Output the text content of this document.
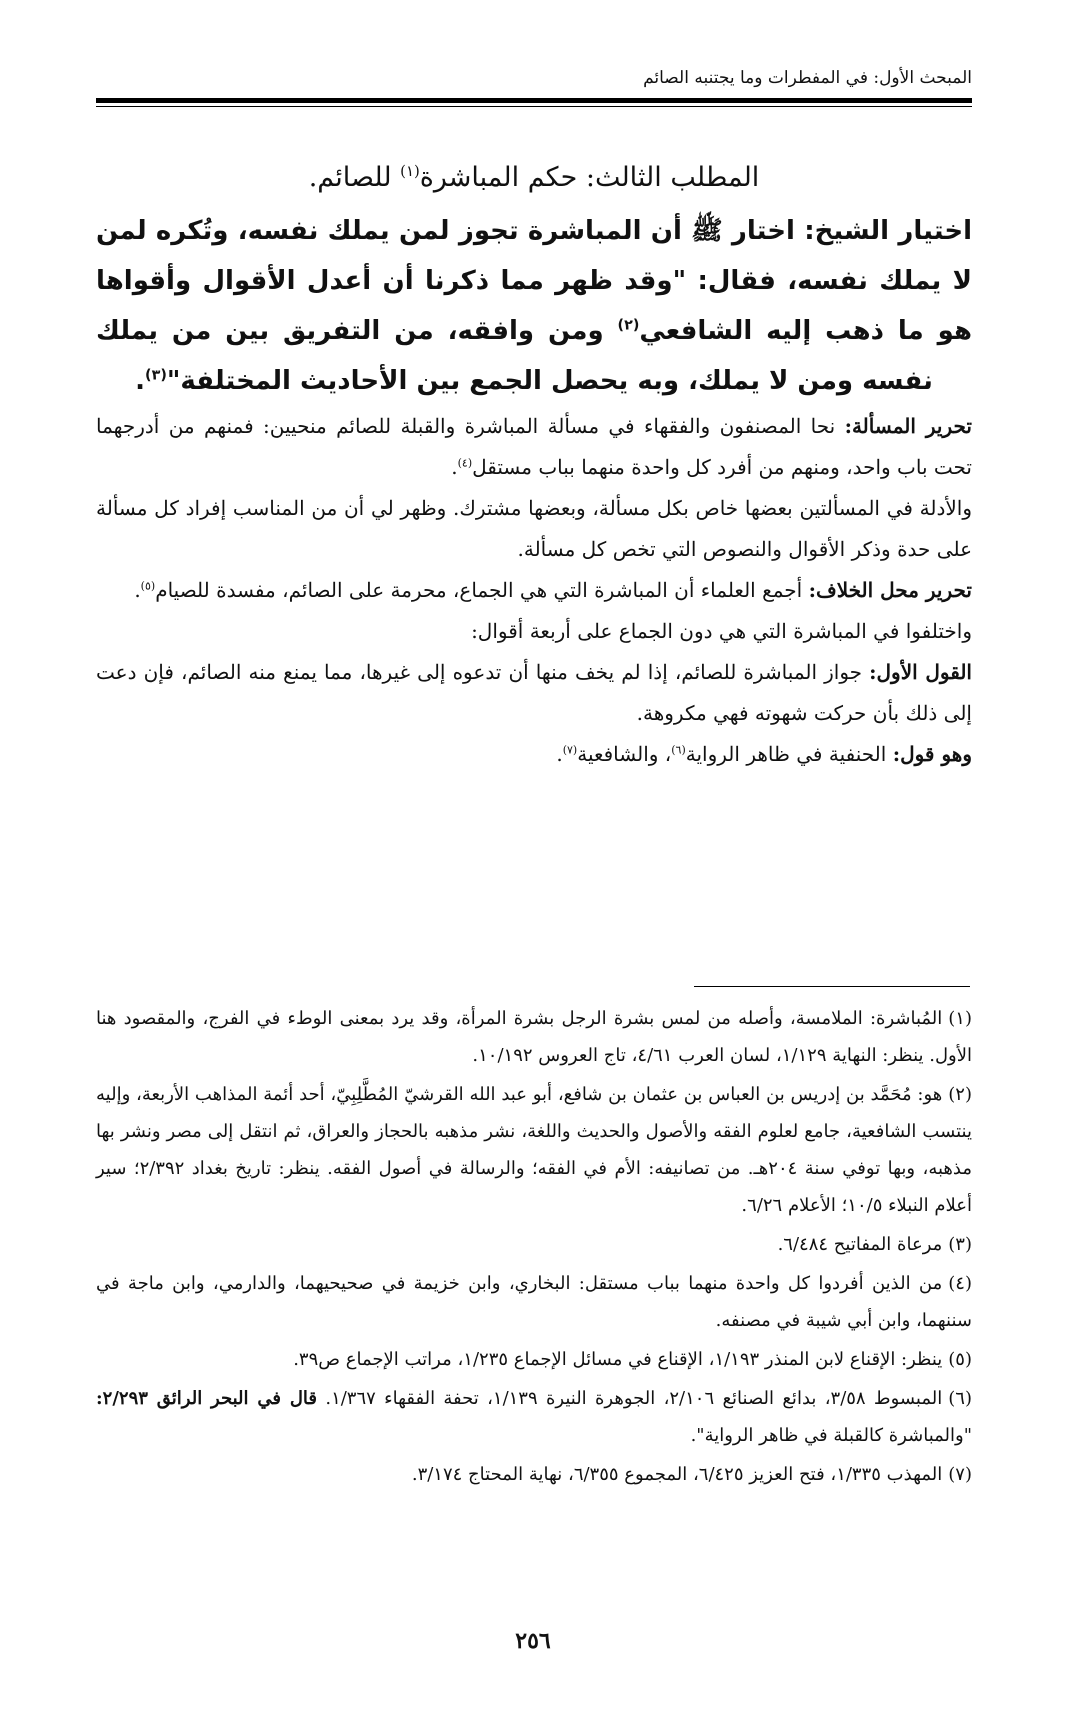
المبحث الأول: في المفطرات وما يجتنبه الصائم

المطلب الثالث: حكم المباشرة$^{(١)}$ للصائم.

اختيار الشيخ: اختار ﷺ أن المباشرة تجوز لمن يملك نفسه، وتُكره لمن لا يملك نفسه، فقال: "وقد ظهر مما ذكرنا أن أعدل الأقوال وأقواها هو ما ذهب إليه الشافعي$^{(٢)}$ ومن وافقه، من التفريق بين من يملك نفسه ومن لا يملك، وبه يحصل الجمع بين الأحاديث المختلفة"$^{(٣)}$.

تحرير المسألة: نحا المصنفون والفقهاء في مسألة المباشرة والقبلة للصائم منحيين: فمنهم من أدرجهما تحت باب واحد، ومنهم من أفرد كل واحدة منهما بباب مستقل$^{(٤)}$.

والأدلة في المسألتين بعضها خاص بكل مسألة، وبعضها مشترك. وظهر لي أن من المناسب إفراد كل مسألة على حدة وذكر الأقوال والنصوص التي تخص كل مسألة.

تحرير محل الخلاف: أجمع العلماء أن المباشرة التي هي الجماع، محرمة على الصائم، مفسدة للصيام$^{(٥)}$.

واختلفوا في المباشرة التي هي دون الجماع على أربعة أقوال:

القول الأول: جواز المباشرة للصائم، إذا لم يخف منها أن تدعوه إلى غيرها، مما يمنع منه الصائم، فإن دعت إلى ذلك بأن حركت شهوته فهي مكروهة.

وهو قول: الحنفية في ظاهر الرواية$^{(٦)}$، والشافعية$^{(٧)}$.

(١)المُباشرة: الملامسة، وأصله من لمس بشرة الرجل بشرة المرأة، وقد يرد بمعنى الوطء في الفرج، والمقصود هنا الأول. ينظر: النهاية ١/١٢٩، لسان العرب ٤/٦١، تاج العروس ١٠/١٩٢.

(٢)هو: مُحَمَّد بن إدريس بن العباس بن عثمان بن شافع، أبو عبد الله القرشيّ المُطَّلِبِيّ، أحد أئمة المذاهب الأربعة، وإليه ينتسب الشافعية، جامع لعلوم الفقه والأصول والحديث واللغة، نشر مذهبه بالحجاز والعراق، ثم انتقل إلى مصر ونشر بها مذهبه، وبها توفي سنة ٢٠٤هـ. من تصانيفه: الأم في الفقه؛ والرسالة في أصول الفقه. ينظر: تاريخ بغداد ٢/٣٩٢؛ سير أعلام النبلاء ١٠/٥؛ الأعلام ٦/٢٦.

(٣)مرعاة المفاتيح ٦/٤٨٤.

(٤)من الذين أفردوا كل واحدة منهما بباب مستقل: البخاري، وابن خزيمة في صحيحيهما، والدارمي، وابن ماجة في سننهما، وابن أبي شيبة في مصنفه.

(٥)ينظر: الإقناع لابن المنذر ١/١٩٣، الإقناع في مسائل الإجماع ١/٢٣٥، مراتب الإجماع ص٣٩.

(٦)المبسوط ٣/٥٨، بدائع الصنائع ٢/١٠٦، الجوهرة النيرة ١/١٣٩، تحفة الفقهاء ١/٣٦٧. قال في البحر الرائق ٢/٢٩٣: "والمباشرة كالقبلة في ظاهر الرواية".

(٧)المهذب ١/٣٣٥، فتح العزيز ٦/٤٢٥، المجموع ٦/٣٥٥، نهاية المحتاج ٣/١٧٤.

٢٥٦
